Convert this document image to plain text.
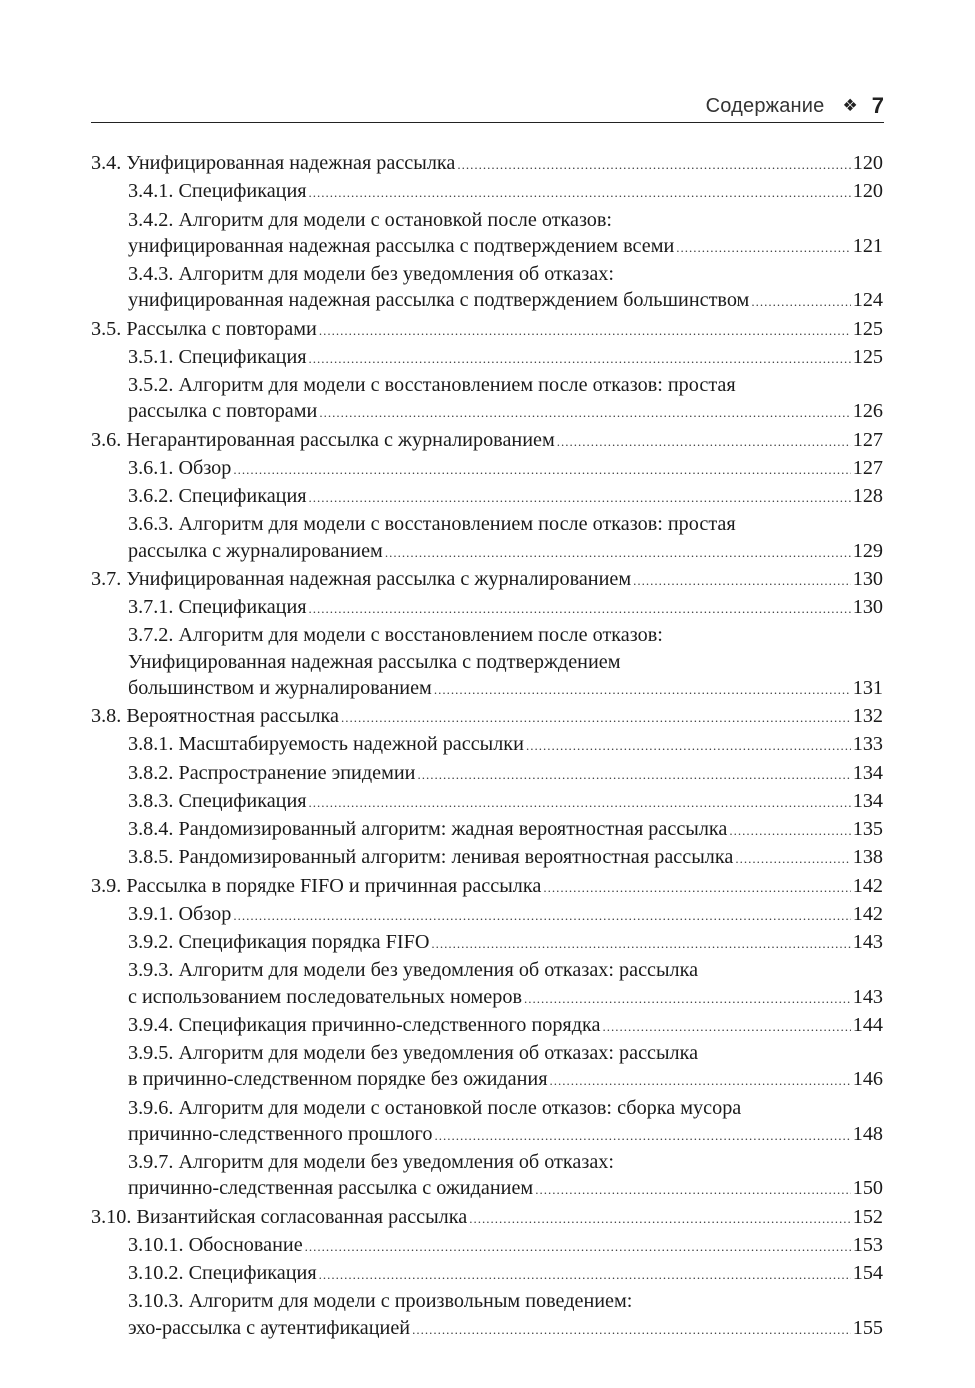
Содержание ❖ 7
3.4. Унифицированная надежная рассылка .....	120
3.4.1. Спецификация .....	120
3.4.2. Алгоритм для модели с остановкой после отказов:
унифицированная надежная рассылка с подтверждением всеми .....	121
3.4.3. Алгоритм для модели без уведомления об отказах:
унифицированная надежная рассылка с подтверждением большинством .....	124
3.5. Рассылка с повторами .....	125
3.5.1. Спецификация .....	125
3.5.2. Алгоритм для модели с восстановлением после отказов: простая
рассылка с повторами .....	126
3.6. Негарантированная рассылка с журналированием .....	127
3.6.1. Обзор .....	127
3.6.2. Спецификация .....	128
3.6.3. Алгоритм для модели с восстановлением после отказов: простая
рассылка с журналированием .....	129
3.7. Унифицированная надежная рассылка с журналированием .....	130
3.7.1. Спецификация .....	130
3.7.2. Алгоритм для модели с восстановлением после отказов:
Унифицированная надежная рассылка с подтверждением
большинством и журналированием .....	131
3.8. Вероятностная рассылка .....	132
3.8.1. Масштабируемость надежной рассылки .....	133
3.8.2. Распространение эпидемии .....	134
3.8.3. Спецификация .....	134
3.8.4. Рандомизированный алгоритм: жадная вероятностная рассылка .....	135
3.8.5. Рандомизированный алгоритм: ленивая вероятностная рассылка .....	138
3.9. Рассылка в порядке FIFO и причинная рассылка .....	142
3.9.1. Обзор .....	142
3.9.2. Спецификация порядка FIFO .....	143
3.9.3. Алгоритм для модели без уведомления об отказах: рассылка
с использованием последовательных номеров .....	143
3.9.4. Спецификация причинно-следственного порядка .....	144
3.9.5. Алгоритм для модели без уведомления об отказах: рассылка
в причинно-следственном порядке без ожидания .....	146
3.9.6. Алгоритм для модели с остановкой после отказов: сборка мусора
причинно-следственного прошлого .....	148
3.9.7. Алгоритм для модели без уведомления об отказах:
причинно-следственная рассылка с ожиданием .....	150
3.10. Византийская согласованная рассылка .....	152
3.10.1. Обоснование .....	153
3.10.2. Спецификация .....	154
3.10.3. Алгоритм для модели с произвольным поведением:
эхо-рассылка с аутентификацией .....	155
